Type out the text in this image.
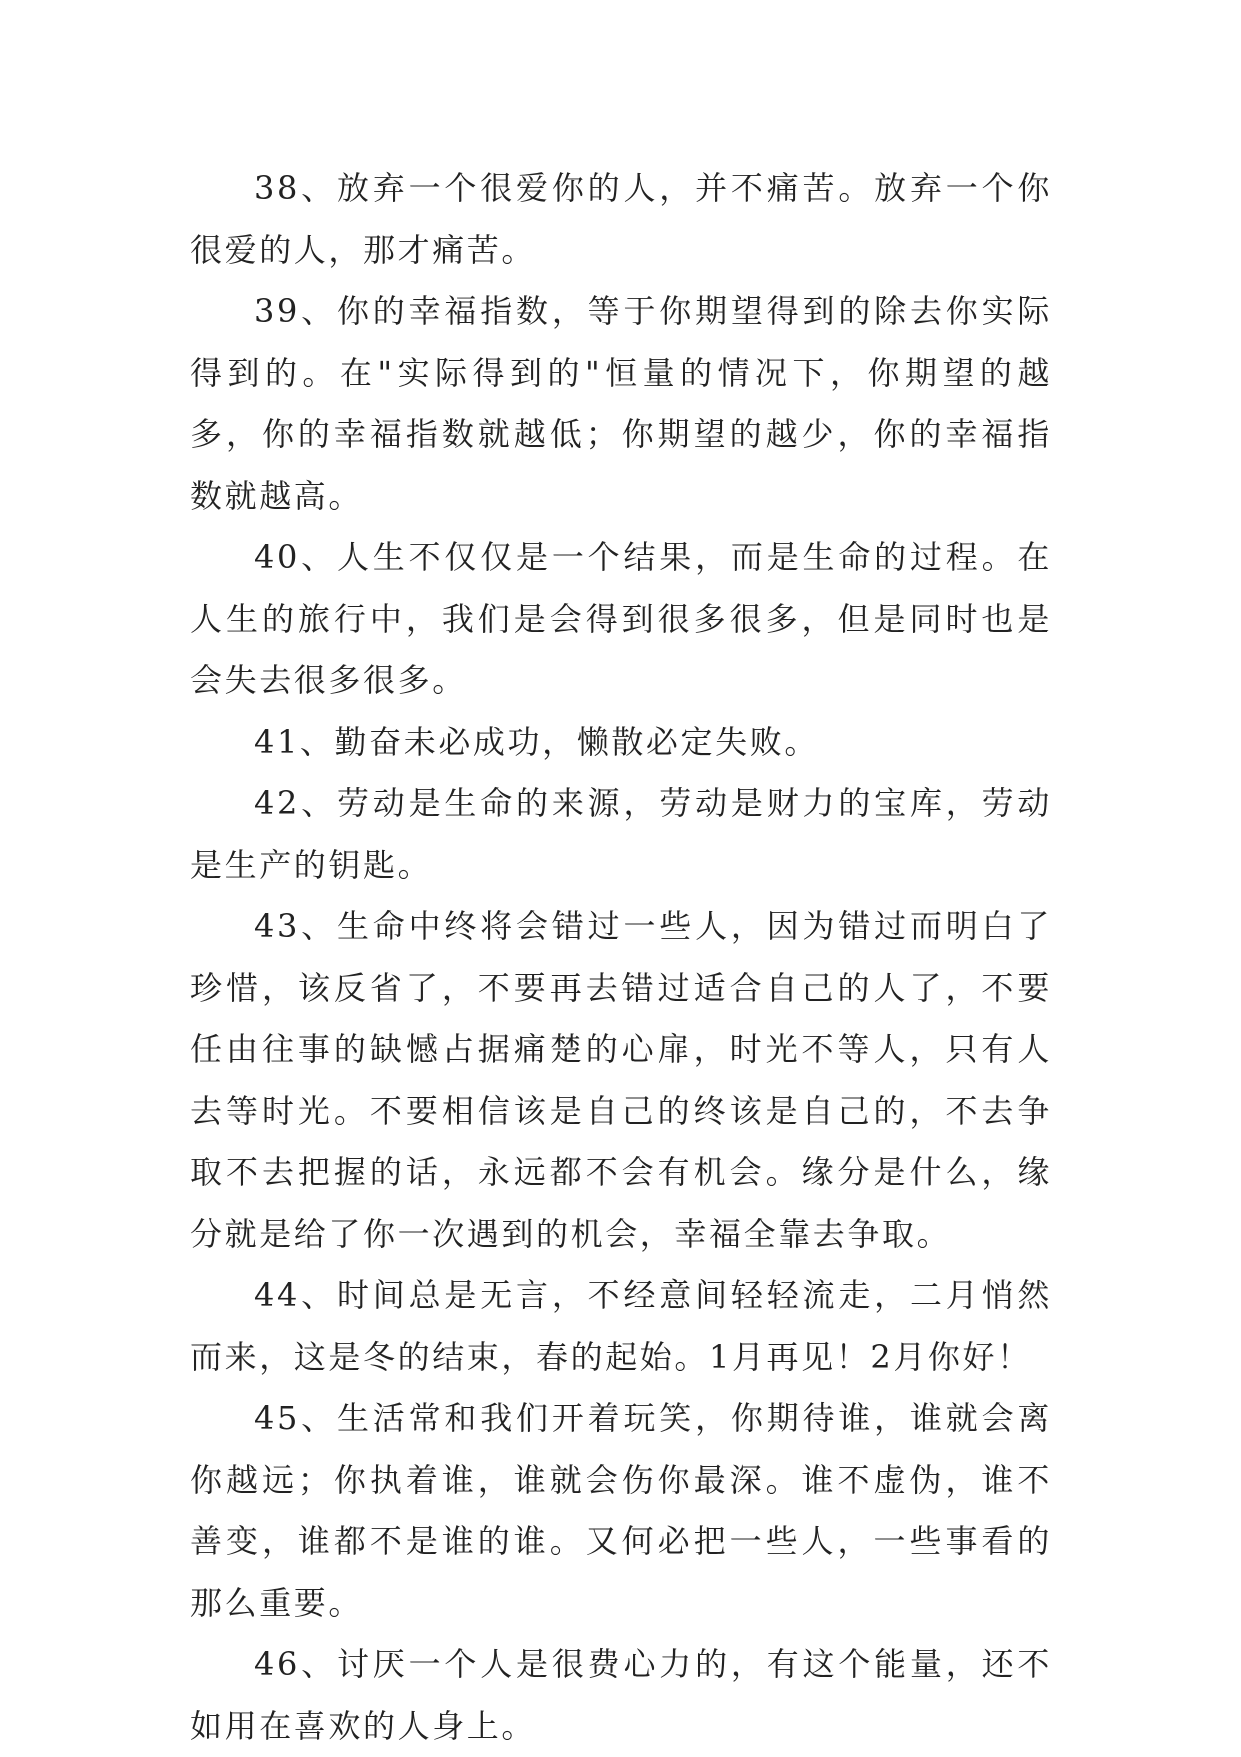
38、放弃一个很爱你的人，并不痛苦。放弃一个你很爱的人，那才痛苦。

39、你的幸福指数，等于你期望得到的除去你实际得到的。在"实际得到的"恒量的情况下，你期望的越多，你的幸福指数就越低；你期望的越少，你的幸福指数就越高。

40、人生不仅仅是一个结果，而是生命的过程。在人生的旅行中，我们是会得到很多很多，但是同时也是会失去很多很多。

41、勤奋未必成功，懒散必定失败。

42、劳动是生命的来源，劳动是财力的宝库，劳动是生产的钥匙。

43、生命中终将会错过一些人，因为错过而明白了珍惜，该反省了，不要再去错过适合自己的人了，不要任由往事的缺憾占据痛楚的心扉，时光不等人，只有人去等时光。不要相信该是自己的终该是自己的，不去争取不去把握的话，永远都不会有机会。缘分是什么，缘分就是给了你一次遇到的机会，幸福全靠去争取。

44、时间总是无言，不经意间轻轻流走，二月悄然而来，这是冬的结束，春的起始。1月再见！2月你好！

45、生活常和我们开着玩笑，你期待谁，谁就会离你越远；你执着谁，谁就会伤你最深。谁不虚伪，谁不善变，谁都不是谁的谁。又何必把一些人，一些事看的那么重要。

46、讨厌一个人是很费心力的，有这个能量，还不如用在喜欢的人身上。
